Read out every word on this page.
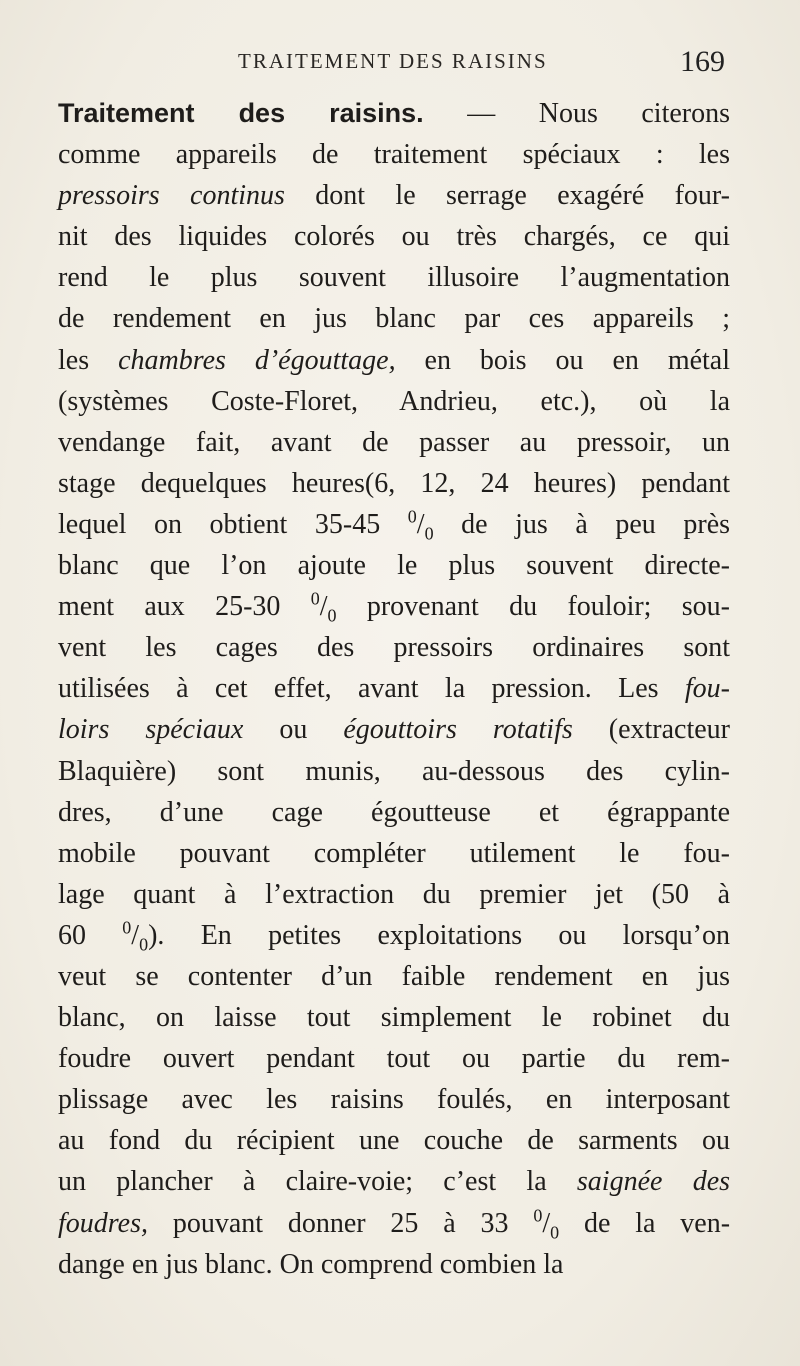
TRAITEMENT DES RAISINS	169
Traitement des raisins. — Nous citerons
comme appareils de traitement spéciaux : les
pressoirs continus dont le serrage exagéré four-
nit des liquides colorés ou très chargés, ce qui
rend le plus souvent illusoire l’augmentation
de rendement en jus blanc par ces appareils ;
les chambres d’égouttage, en bois ou en métal
(systèmes Coste-Floret, Andrieu, etc.), où la
vendange fait, avant de passer au pressoir, un
stage dequelques heures(6, 12, 24 heures) pendant
lequel on obtient 35-45 $^0/_0$ de jus à peu près
blanc que l’on ajoute le plus souvent directe-
ment aux 25-30 $^0/_0$ provenant du fouloir; sou-
vent les cages des pressoirs ordinaires sont
utilisées à cet effet, avant la pression. Les fou-
loirs spéciaux ou égouttoirs rotatifs (extracteur
Blaquière) sont munis, au-dessous des cylin-
dres, d’une cage égoutteuse et égrappante
mobile pouvant compléter utilement le fou-
lage quant à l’extraction du premier jet (50 à
60 $^0/_0$). En petites exploitations ou lorsqu’on
veut se contenter d’un faible rendement en jus
blanc, on laisse tout simplement le robinet du
foudre ouvert pendant tout ou partie du rem-
plissage avec les raisins foulés, en interposant
au fond du récipient une couche de sarments ou
un plancher à claire-voie; c’est la saignée des
foudres, pouvant donner 25 à 33 $^0/_0$ de la ven-
dange en jus blanc. On comprend combien la
